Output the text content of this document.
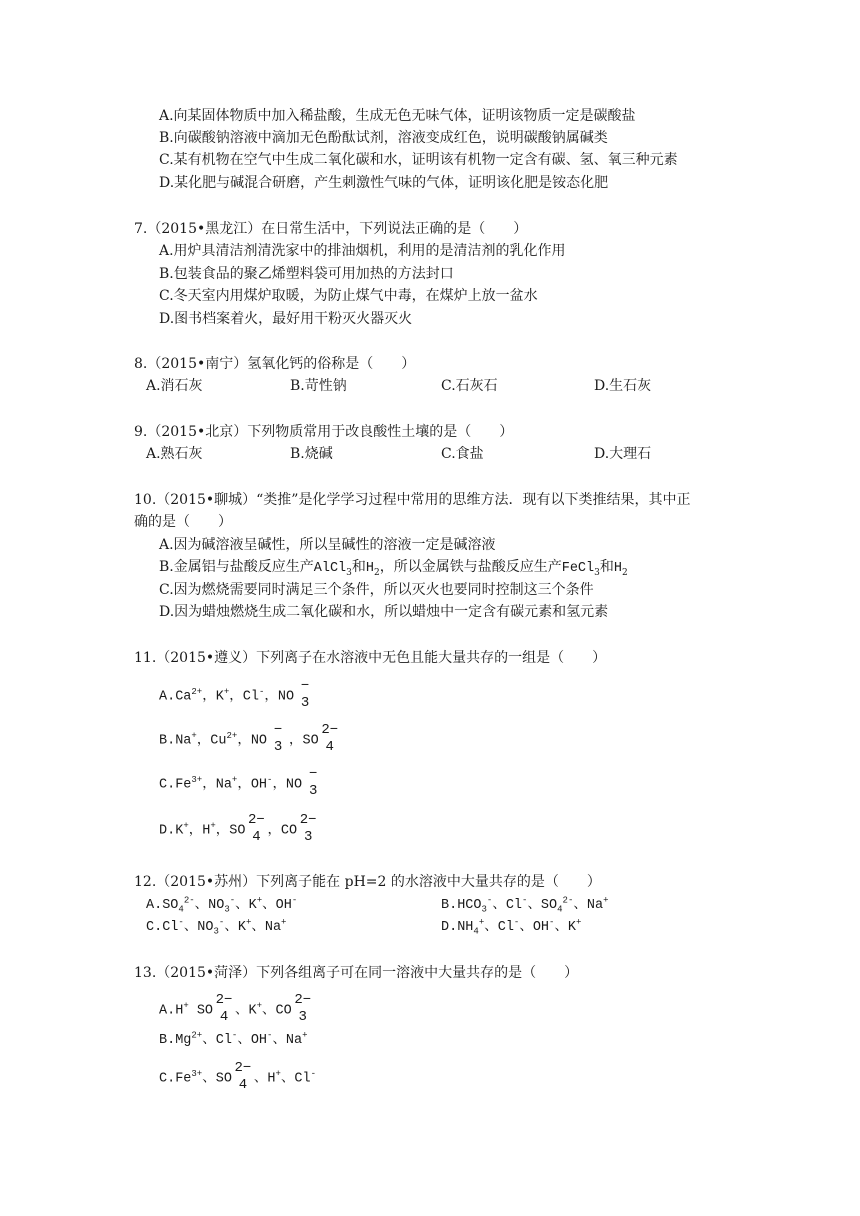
A.向某固体物质中加入稀盐酸，生成无色无味气体，证明该物质一定是碳酸盐
B.向碳酸钠溶液中滴加无色酚酞试剂，溶液变成红色，说明碳酸钠属碱类
C.某有机物在空气中生成二氧化碳和水，证明该有机物一定含有碳、氢、氧三种元素
D.某化肥与碱混合研磨，产生刺激性气味的气体，证明该化肥是铵态化肥
7.（2015•黑龙江）在日常生活中，下列说法正确的是（　　）
A.用炉具清洁剂清洗家中的排油烟机，利用的是清洁剂的乳化作用
B.包装食品的聚乙烯塑料袋可用加热的方法封口
C.冬天室内用煤炉取暖，为防止煤气中毒，在煤炉上放一盆水
D.图书档案着火，最好用干粉灭火器灭火
8.（2015•南宁）氢氧化钙的俗称是（　　）
A.消石灰	B.苛性钠	C.石灰石	D.生石灰
9.（2015•北京）下列物质常用于改良酸性土壤的是（　　）
A.熟石灰	B.烧碱	C.食盐	D.大理石
10.（2015•聊城）“类推”是化学学习过程中常用的思维方法．现有以下类推结果，其中正
确的是（　　）
A.因为碱溶液呈碱性，所以呈碱性的溶液一定是碱溶液
B.金属铝与盐酸反应生产AlCl$_3$和$H_2$，所以金属铁与盐酸反应生产FeCl$_3$和$H_2$
C.因为燃烧需要同时满足三个条件，所以灭火也要同时控制这三个条件
D.因为蜡烛燃烧生成二氧化碳和水，所以蜡烛中一定含有碳元素和氢元素
11.（2015•遵义）下列离子在水溶液中无色且能大量共存的一组是（　　）
$A.Ca^{2+}$，K+，Cl-，NO
−
3
B.Na+，$Cu^{2+}$，NO
−
3 ，SO
2−
4
$C.Fe^{3+}$，Na+，OH-，NO
−
3
D.K+，H+，SO
2−
4 ，CO
2−
3
12.（2015•苏州）下列离子能在 pH=2 的水溶液中大量共存的是（　　）
$A.SO_4^{2-}$、$NO_3^-$、K+、OH-	$B.HCO_3^-$、Cl-、$SO_4^{2-}$、Na+
C.Cl-、$NO_3^-$、K+、Na+	$D.NH_4^+$、Cl-、OH-、K+
13.（2015•菏泽）下列各组离子可在同一溶液中大量共存的是（　　）
A.H+ SO
2−
4 、K+、CO
2−
3
$B.Mg^{2+}$、Cl-、OH-、Na+
$C.Fe^{3+}$、SO
2−
4 、H+、Cl-
